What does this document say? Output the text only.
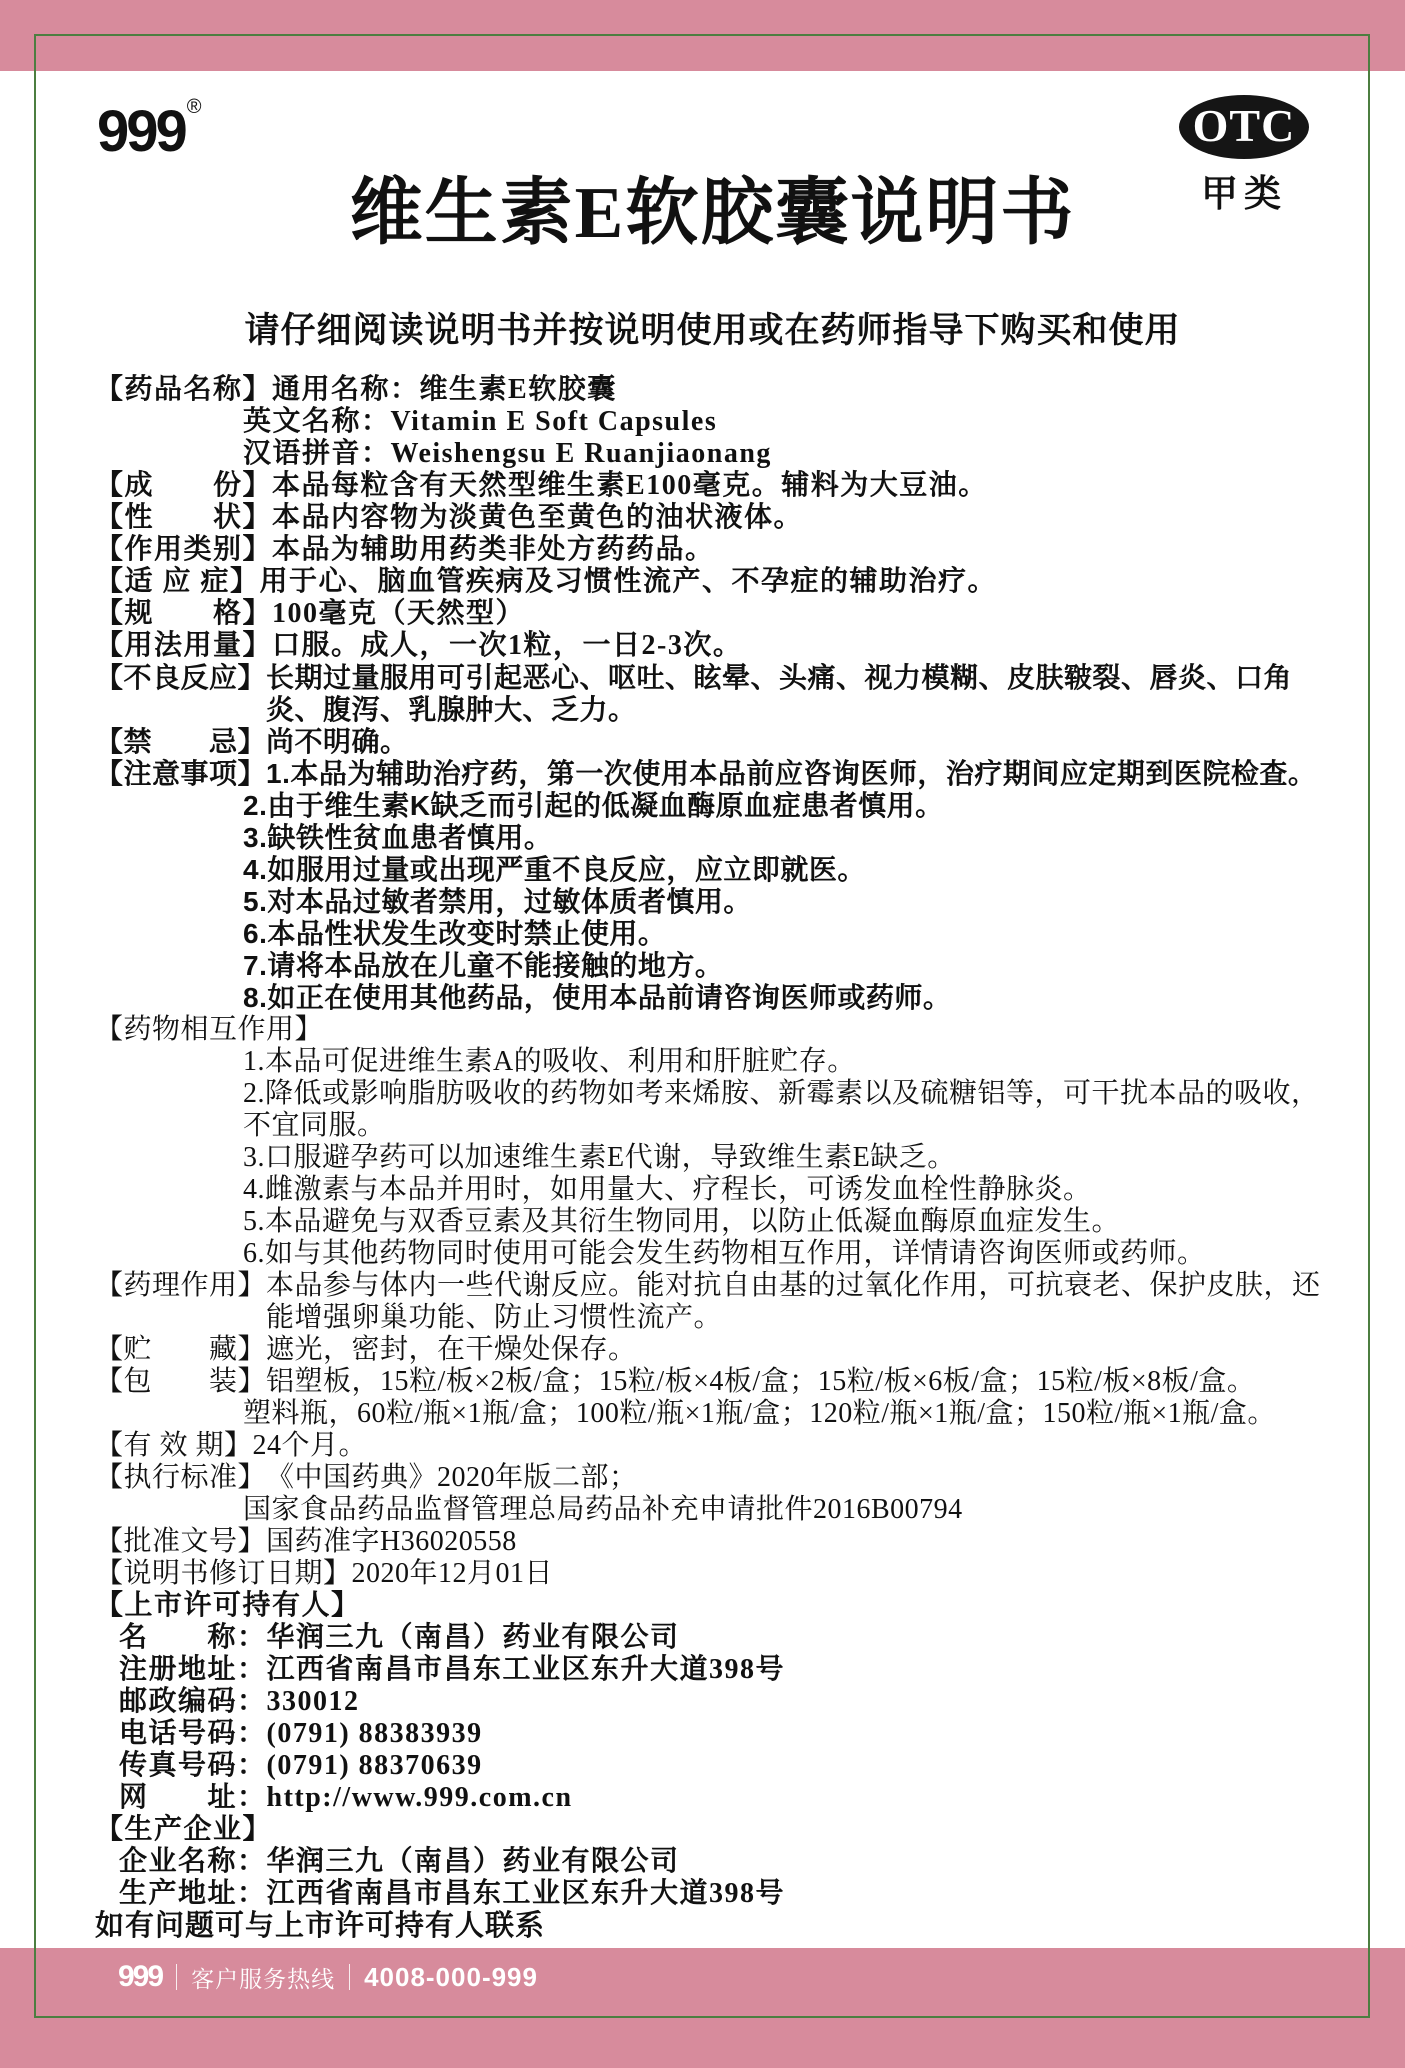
999 ®	OTC
甲类
维生素E软胶囊说明书
请仔细阅读说明书并按说明使用或在药师指导下购买和使用
【药品名称】 通用名称：维生素E软胶囊
英文名称：Vitamin E Soft Capsules
汉语拼音：Weishengsu E Ruanjiaonang
【成　　份】 本品每粒含有天然型维生素E100毫克。辅料为大豆油。
【性　　状】 本品内容物为淡黄色至黄色的油状液体。
【作用类别】 本品为辅助用药类非处方药药品。
【适 应 症】 用于心、脑血管疾病及习惯性流产、不孕症的辅助治疗。
【规　　格】 100毫克（天然型）
【用法用量】 口服。成人，一次1粒，一日2-3次。
【不良反应】 长期过量服用可引起恶心、呕吐、眩晕、头痛、视力模糊、皮肤皲裂、唇炎、口角炎、腹泻、乳腺肿大、乏力。
【禁　　忌】 尚不明确。
【注意事项】 1.本品为辅助治疗药，第一次使用本品前应咨询医师，治疗期间应定期到医院检查。
2.由于维生素K缺乏而引起的低凝血酶原血症患者慎用。
3.缺铁性贫血患者慎用。
4.如服用过量或出现严重不良反应，应立即就医。
5.对本品过敏者禁用，过敏体质者慎用。
6.本品性状发生改变时禁止使用。
7.请将本品放在儿童不能接触的地方。
8.如正在使用其他药品，使用本品前请咨询医师或药师。
【药物相互作用】
1.本品可促进维生素A的吸收、利用和肝脏贮存。
2.降低或影响脂肪吸收的药物如考来烯胺、新霉素以及硫糖铝等，可干扰本品的吸收，不宜同服。
3.口服避孕药可以加速维生素E代谢，导致维生素E缺乏。
4.雌激素与本品并用时，如用量大、疗程长，可诱发血栓性静脉炎。
5.本品避免与双香豆素及其衍生物同用，以防止低凝血酶原血症发生。
6.如与其他药物同时使用可能会发生药物相互作用，详情请咨询医师或药师。
【药理作用】 本品参与体内一些代谢反应。能对抗自由基的过氧化作用，可抗衰老、保护皮肤，还能增强卵巢功能、防止习惯性流产。
【贮　　藏】 遮光，密封，在干燥处保存。
【包　　装】 铝塑板，15粒/板×2板/盒；15粒/板×4板/盒；15粒/板×6板/盒；15粒/板×8板/盒。
塑料瓶，60粒/瓶×1瓶/盒；100粒/瓶×1瓶/盒；120粒/瓶×1瓶/盒；150粒/瓶×1瓶/盒。
【有 效 期】 24个月。
【执行标准】 《中国药典》2020年版二部；
国家食品药品监督管理总局药品补充申请批件2016B00794
【批准文号】 国药准字H36020558
【说明书修订日期】 2020年12月01日
【上市许可持有人】
名　　称： 华润三九（南昌）药业有限公司
注册地址： 江西省南昌市昌东工业区东升大道398号
邮政编码： 330012
电话号码： (0791) 88383939
传真号码： (0791) 88370639
网　　址： http://www.999.com.cn
【生产企业】
企业名称： 华润三九（南昌）药业有限公司
生产地址： 江西省南昌市昌东工业区东升大道398号
如有问题可与上市许可持有人联系
999 客户服务热线 4008-000-999
